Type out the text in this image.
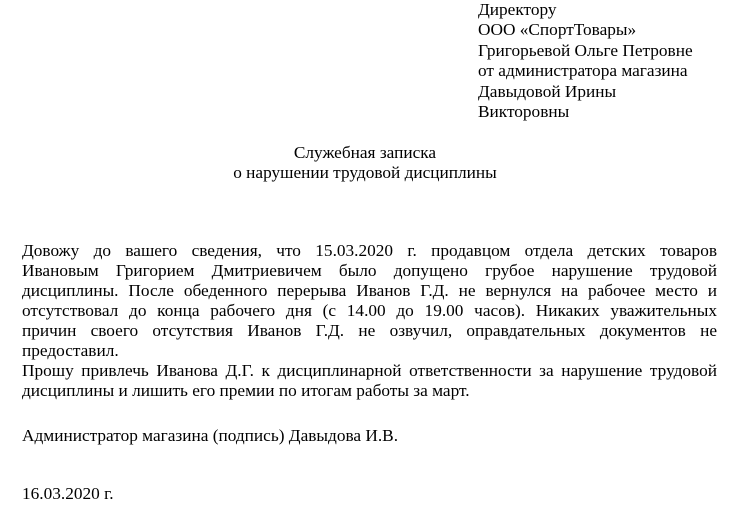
Директору
ООО «СпортТовары»
Григорьевой Ольге Петровне
от администратора магазина
Давыдовой Ирины
Викторовны
Служебная записка
о нарушении трудовой дисциплины
Довожу до вашего сведения, что 15.03.2020 г. продавцом отдела детских товаров
Ивановым Григорием Дмитриевичем было допущено грубое нарушение трудовой
дисциплины. После обеденного перерыва Иванов Г.Д. не вернулся на рабочее место и
отсутствовал до конца рабочего дня (с 14.00 до 19.00 часов). Никаких уважительных
причин своего отсутствия Иванов Г.Д. не озвучил, оправдательных документов не
предоставил.
Прошу привлечь Иванова Д.Г. к дисциплинарной ответственности за нарушение трудовой
дисциплины и лишить его премии по итогам работы за март.
Администратор магазина (подпись) Давыдова И.В.
16.03.2020 г.
